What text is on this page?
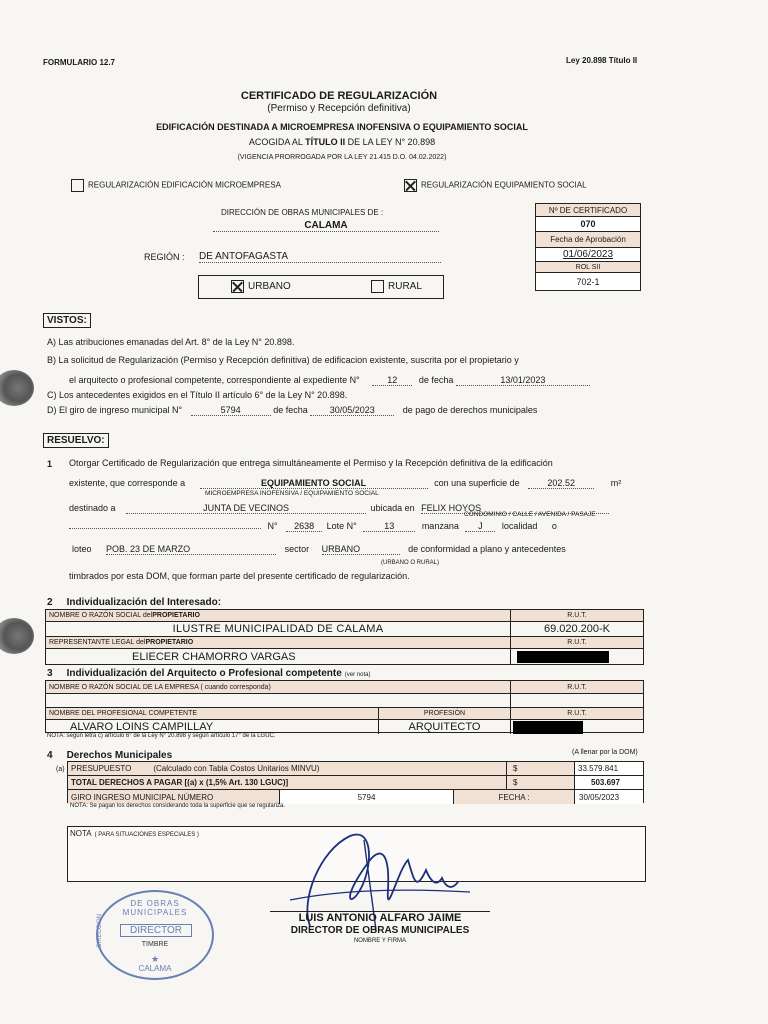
FORMULARIO 12.7	Ley 20.898 Título II
CERTIFICADO DE REGULARIZACIÓN
(Permiso y Recepción definitiva)
EDIFICACIÓN DESTINADA A MICROEMPRESA INOFENSIVA O EQUIPAMIENTO SOCIAL
ACOGIDA AL TÍTULO II DE LA LEY N° 20.898
(VIGENCIA PRORROGADA POR LA LEY 21.415 D.O. 04.02.2022)
REGULARIZACIÓN EDIFICACIÓN MICROEMPRESA	REGULARIZACIÓN EQUIPAMIENTO SOCIAL
DIRECCIÓN DE OBRAS MUNICIPALES DE :
CALAMA
REGIÓN : DE ANTOFAGASTA
URBANO	RURAL
Nº DE CERTIFICADO
070
Fecha de Aprobación
01/06/2023
ROL SII
702-1
VISTOS:
A) Las atribuciones emanadas del Art. 8° de la Ley N° 20.898.
B) La solicitud de Regularización (Permiso y Recepción definitiva) de edificacion existente, suscrita por el propietario y
el arquitecto o profesional competente, correspondiente al expediente N°	12 de fecha	13/01/2023
C) Los antecedentes exigidos en el Título II artículo 6° de la Ley N° 20.898.
D) El giro de ingreso municipal N°	5794	de fecha 30/05/2023	de pago de derechos municipales
RESUELVO:
1 Otorgar Certificado de Regularización que entrega simultáneamente el Permiso y la Recepción definitiva de la edificación
existente, que corresponde a	EQUIPAMIENTO SOCIAL	con una superficie de	202.52	m²
MICROEMPRESA INOFENSIVA / EQUIPAMIENTO SOCIAL
destinado a	JUNTA DE VECINOS	ubicada en FELIX HOYOS
CONDOMINIO / CALLE / AVENIDA / PASAJE
N° 2638 Lote N°	13	manzana J localidad o
loteo POB. 23 DE MARZO	sector URBANO	de conformidad a plano y antecedentes
(URBANO O RURAL)
timbrados por esta DOM, que forman parte del presente certificado de regularización.
2 Individualización del Interesado:
NOMBRE O RAZÓN SOCIAL del PROPIETARIO	R.U.T.
ILUSTRE MUNICIPALIDAD DE CALAMA	69.020.200-K
REPRESENTANTE LEGAL del PROPIETARIO	R.U.T.
ELIECER CHAMORRO VARGAS
3 Individualización del Arquitecto o Profesional competente (ver nota)
NOMBRE O RAZÓN SOCIAL DE LA EMPRESA ( cuando corresponda)	R.U.T.
NOMBRE DEL PROFESIONAL COMPETENTE	PROFESIÓN	R.U.T.
ALVARO LOINS CAMPILLAY	ARQUITECTO
NOTA: según letra c) artículo 6° de la Ley N° 20.898 y según artículo 17° de la LGUC.
4 Derechos Municipales	(A llenar por la DOM)
(a) PRESUPUESTO	(Calculado con Tabla Costos Unitarios MINVU)	$	33.579.841
TOTAL DERECHOS A PAGAR [(a) x (1,5% Art. 130 LGUC)]	$	503.697
GIRO INGRESO MUNICIPAL NÚMERO	5794	FECHA :	30/05/2023
NOTA: Se pagan los derechos considerando toda la superficie que se regulariza.
NOTA ( PARA SITUACIONES ESPECIALES )
LUIS ANTONIO ALFARO JAIME
DIRECTOR DE OBRAS MUNICIPALES
NOMBRE Y FIRMA
DE OBRAS MUNICIPALES
DIRECCIÓN	DIRECTOR
TIMBRE
★
CALAMA
